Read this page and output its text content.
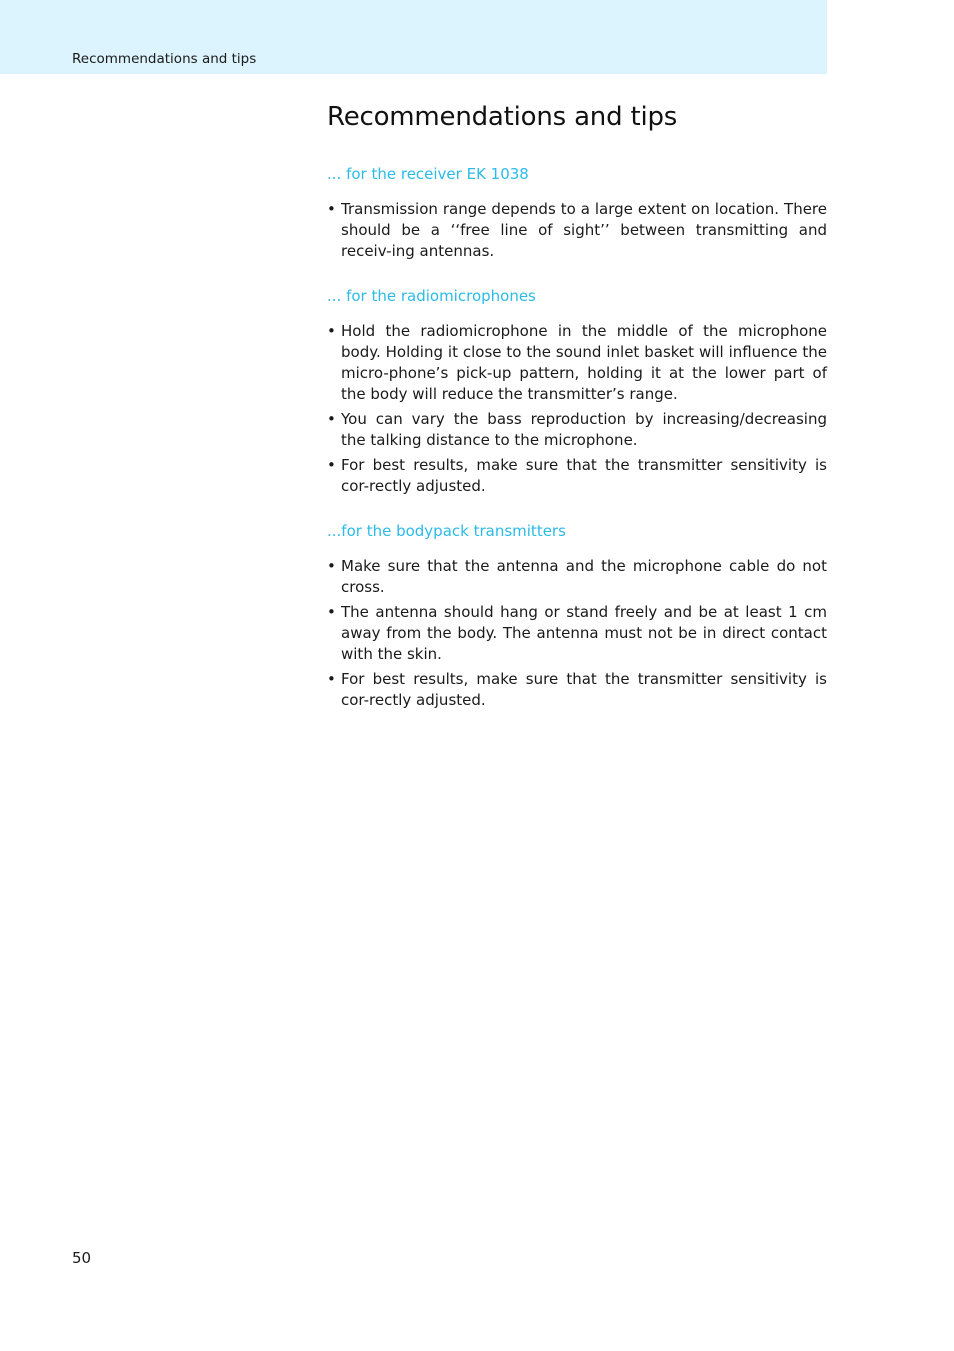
Recommendations and tips
Recommendations and tips

... for the receiver EK 1038

• Transmission range depends to a large extent on location. There should be a ‘‘free line of sight’’ between transmitting and receiv-ing antennas.

... for the radiomicrophones

• Hold the radiomicrophone in the middle of the microphone body. Holding it close to the sound inlet basket will influence the micro-phone’s pick-up pattern, holding it at the lower part of the body will reduce the transmitter’s range.
• You can vary the bass reproduction by increasing/decreasing the talking distance to the microphone.
• For best results, make sure that the transmitter sensitivity is cor-rectly adjusted.

...for the bodypack transmitters

• Make sure that the antenna and the microphone cable do not cross.
• The antenna should hang or stand freely and be at least 1 cm away from the body. The antenna must not be in direct contact with the skin.
• For best results, make sure that the transmitter sensitivity is cor-rectly adjusted.
50
